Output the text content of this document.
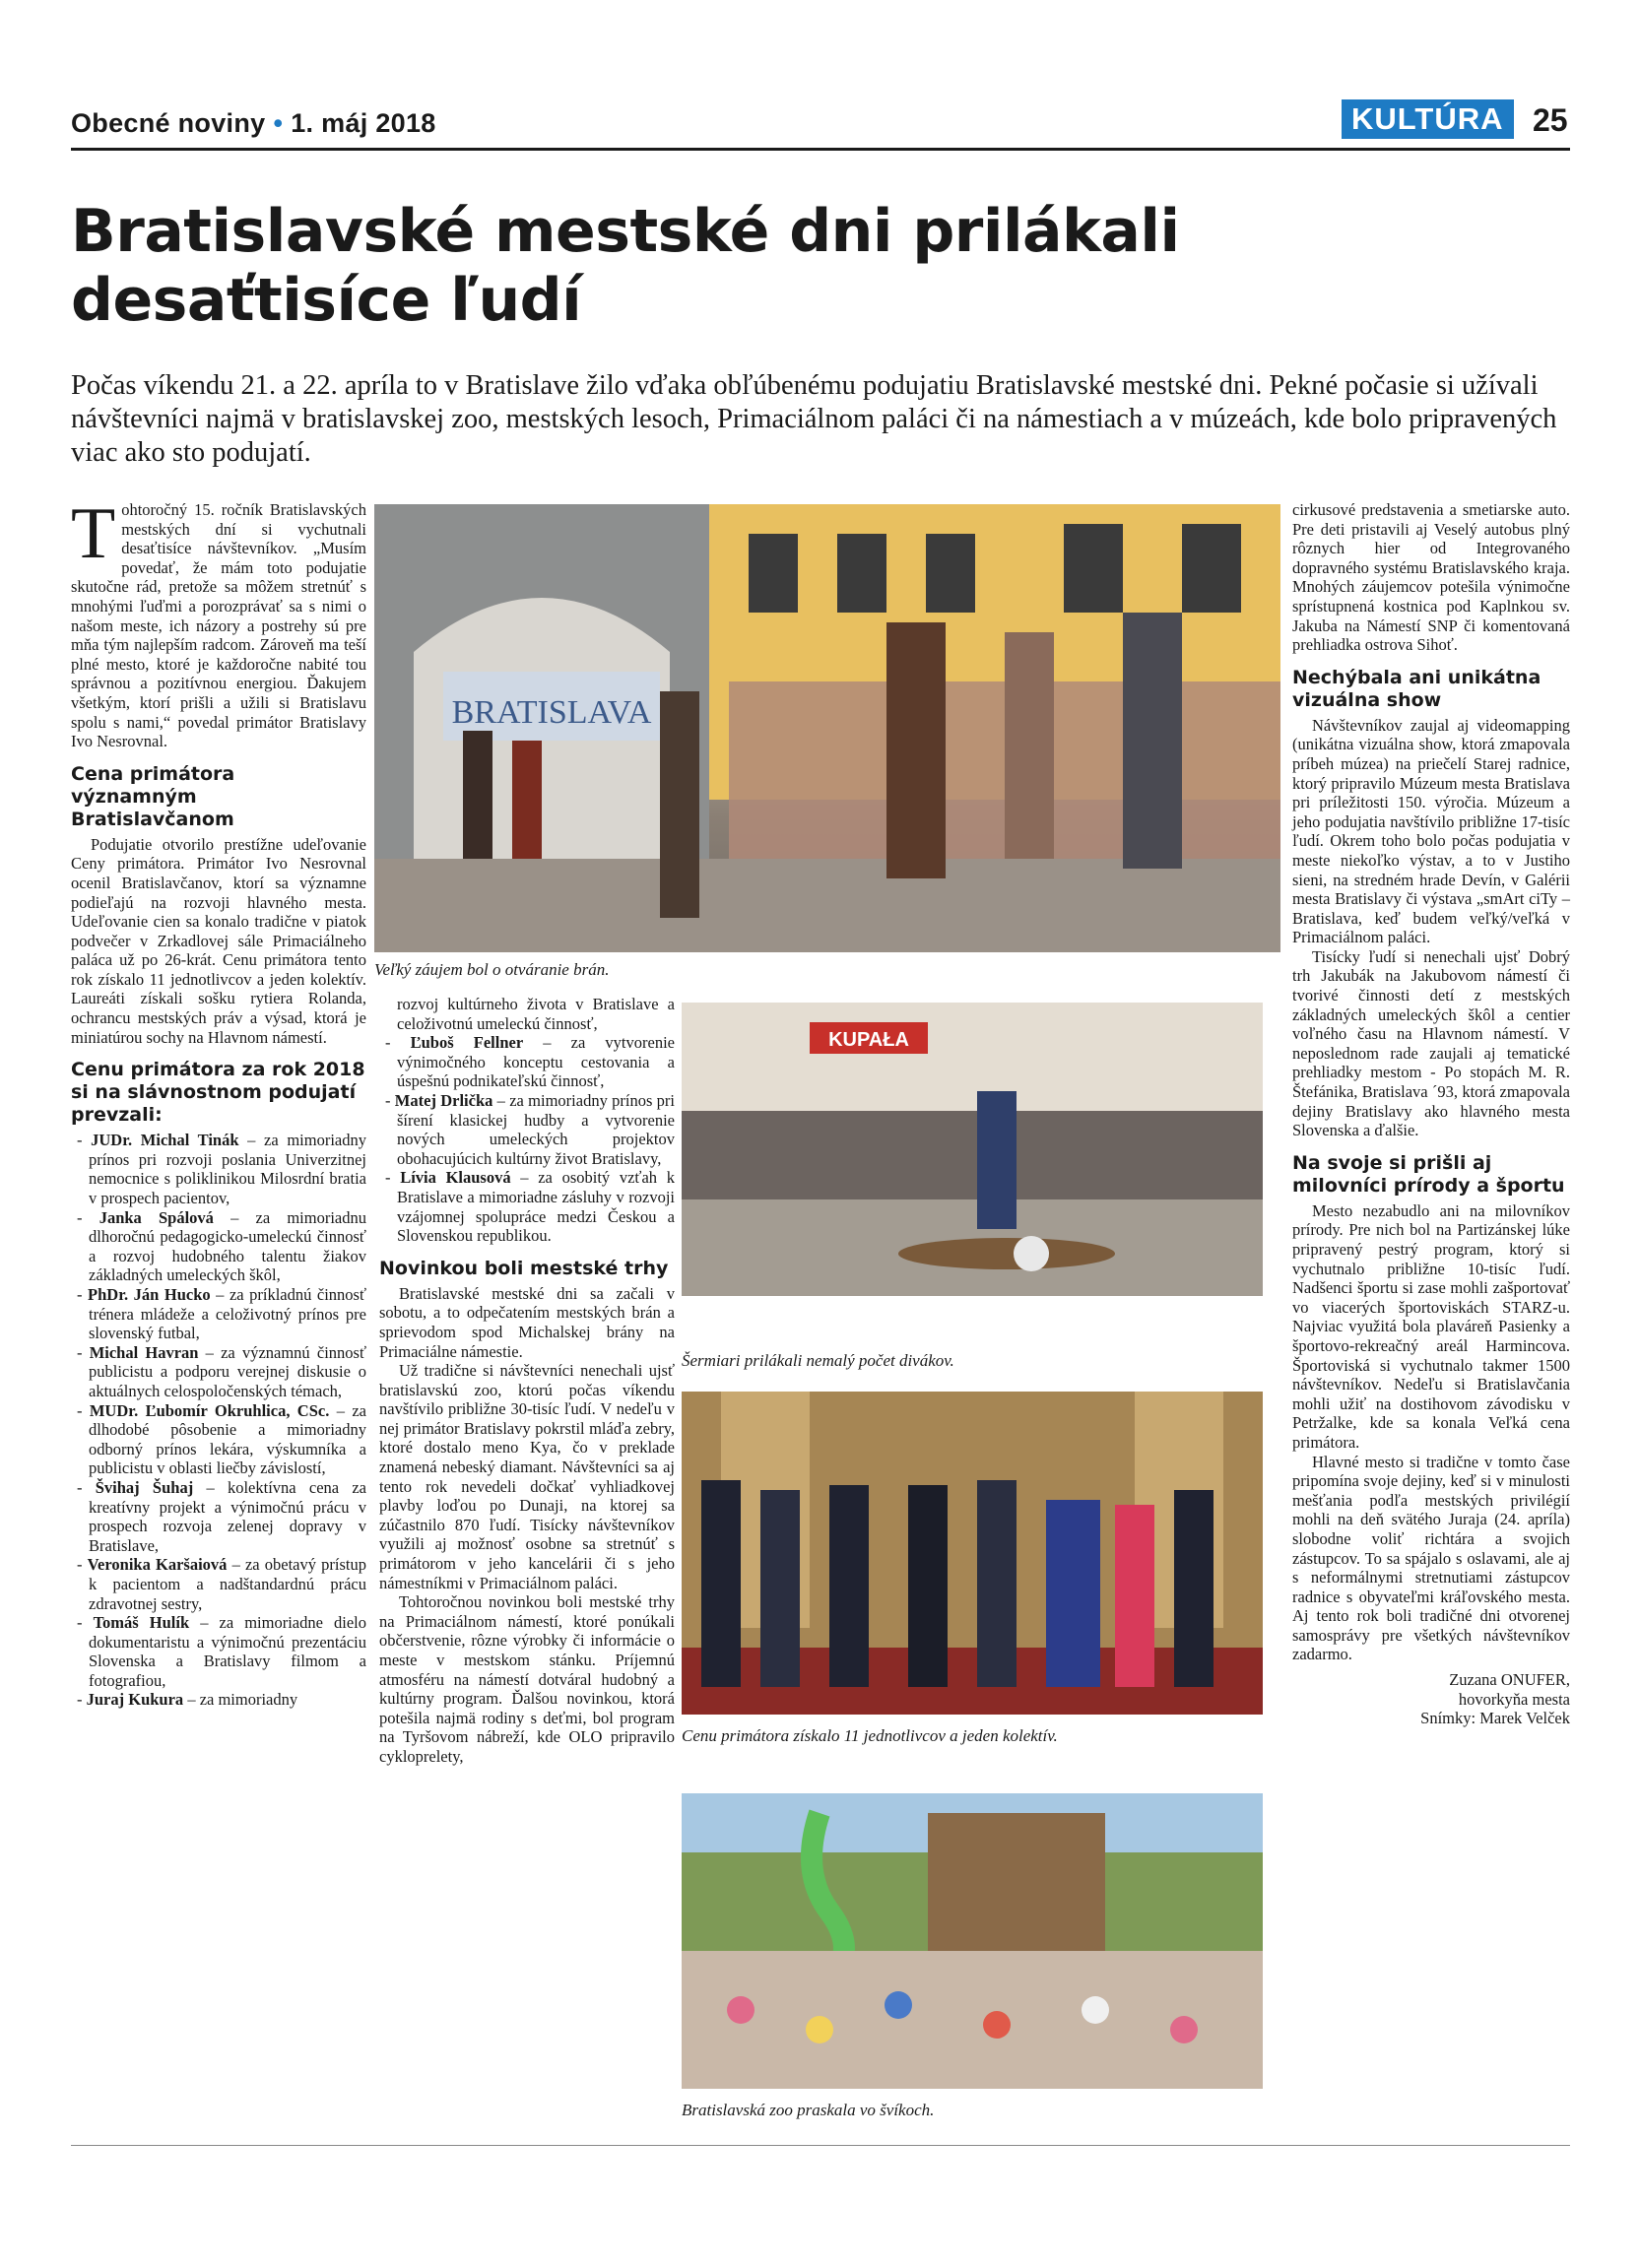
Obecné noviny • 1. máj 2018	KULTÚRA 25
Bratislavské mestské dni prilákali
desaťtisíce ľudí

Počas víkendu 21. a 22. apríla to v Bratislave žilo vďaka obľúbenému podujatiu Bratislavské mestské dni. Pekné počasie si užívali návštevníci najmä v bratislavskej zoo, mestských lesoch, Primaciálnom paláci či na námestiach a v múzeách, kde bolo pripravených viac ako sto podujatí.

Tohtoročný 15. ročník Bratislavských mestských dní si vychutnali desaťtisíce návštevníkov. „Musím povedať, že mám toto podujatie skutočne rád, pretože sa môžem stretnúť s mnohými ľuďmi a porozprávať sa s nimi o našom meste, ich názory a postrehy sú pre mňa tým najlepším radcom. Zároveň ma teší plné mesto, ktoré je každoročne nabité tou správnou a pozitívnou energiou. Ďakujem všetkým, ktorí prišli a užili si Bratislavu spolu s nami,“ povedal primátor Bratislavy Ivo Nesrovnal.

Cena primátora významným Bratislavčanom

Podujatie otvorilo prestížne udeľovanie Ceny primátora. Primátor Ivo Nesrovnal ocenil Bratislavčanov, ktorí sa významne podieľajú na rozvoji hlavného mesta. Udeľovanie cien sa konalo tradične v piatok podvečer v Zrkadlovej sále Primaciálneho paláca už po 26-krát. Cenu primátora tento rok získalo 11 jednotlivcov a jeden kolektív. Laureáti získali sošku rytiera Rolanda, ochrancu mestských práv a výsad, ktorá je miniatúrou sochy na Hlavnom námestí.

Cenu primátora za rok 2018 si na slávnostnom podujatí prevzali:
- JUDr. Michal Tinák – za mimoriadny prínos pri rozvoji poslania Univerzitnej nemocnice s poliklinikou Milosrdní bratia v prospech pacientov,
- Janka Spálová – za mimoriadnu dlhoročnú pedagogicko-umeleckú činnosť a rozvoj hudobného talentu žiakov základných umeleckých škôl,
- PhDr. Ján Hucko – za príkladnú činnosť trénera mládeže a celoživotný prínos pre slovenský futbal,
- Michal Havran – za významnú činnosť publicistu a podporu verejnej diskusie o aktuálnych celospoločenských témach,
- MUDr. Ľubomír Okruhlica, CSc. – za dlhodobé pôsobenie a mimoriadny odborný prínos lekára, výskumníka a publicistu v oblasti liečby závislostí,
- Švihaj Šuhaj – kolektívna cena za kreatívny projekt a výnimočnú prácu v prospech rozvoja zelenej dopravy v Bratislave,
- Veronika Karšaiová – za obetavý prístup k pacientom a nadštandardnú prácu zdravotnej sestry,
- Tomáš Hulík – za mimoriadne dielo dokumentaristu a výnimočnú prezentáciu Slovenska a Bratislavy filmom a fotografiou,
- Juraj Kukura – za mimoriadny
BRATISLAVA
Veľký záujem bol o otváranie brán.

rozvoj kultúrneho života v Bratislave a celoživotnú umeleckú činnosť,

- Ľuboš Fellner – za vytvorenie výnimočného konceptu cestovania a úspešnú podnikateľskú činnosť,
- Matej Drlička – za mimoriadny prínos pri šírení klasickej hudby a vytvorenie nových umeleckých projektov obohacujúcich kultúrny život Bratislavy,
- Lívia Klausová – za osobitý vzťah k Bratislave a mimoriadne zásluhy v rozvoji vzájomnej spolupráce medzi Českou a Slovenskou republikou.
Novinkou boli mestské trhy

Bratislavské mestské dni sa začali v sobotu, a to odpečatením mestských brán a sprievodom spod Michalskej brány na Primaciálne námestie.

Už tradične si návštevníci nenechali ujsť bratislavskú zoo, ktorú počas víkendu navštívilo približne 30-tisíc ľudí. V nedeľu v nej primátor Bratislavy pokrstil mláďa zebry, ktoré dostalo meno Kya, čo v preklade znamená nebeský diamant. Návštevníci sa aj tento rok nevedeli dočkať vyhliadkovej plavby loďou po Dunaji, na ktorej sa zúčastnilo 870 ľudí. Tisícky návštevníkov využili aj možnosť osobne sa stretnúť s primátorom v jeho kancelárii či s jeho námestníkmi v Primaciálnom paláci.

Tohtoročnou novinkou boli mestské trhy na Primaciálnom námestí, ktoré ponúkali občerstvenie, rôzne výrobky či informácie o meste v mestskom stánku. Príjemnú atmosféru na námestí dotváral hudobný a kultúrny program. Ďalšou novinkou, ktorá potešila najmä rodiny s deťmi, bol program na Tyršovom nábreží, kde OLO pripravilo cykloprelety,

KUPAŁA
Šermiari prilákali nemalý počet divákov.
Cenu primátora získalo 11 jednotlivcov a jeden kolektív.
Bratislavská zoo praskala vo švíkoch.

cirkusové predstavenia a smetiarske auto. Pre deti pristavili aj Veselý autobus plný rôznych hier od Integrovaného dopravného systému Bratislavského kraja. Mnohých záujemcov potešila výnimočne sprístupnená kostnica pod Kaplnkou sv. Jakuba na Námestí SNP či komentovaná prehliadka ostrova Sihoť.

Nechýbala ani unikátna vizuálna show

Návštevníkov zaujal aj videomapping (unikátna vizuálna show, ktorá zmapovala príbeh múzea) na priečelí Starej radnice, ktorý pripravilo Múzeum mesta Bratislava pri príležitosti 150. výročia. Múzeum a jeho podujatia navštívilo približne 17-tisíc ľudí. Okrem toho bolo počas podujatia v meste niekoľko výstav, a to v Justiho sieni, na stredném hrade Devín, v Galérii mesta Bratislavy či výstava „smArt ciTy – Bratislava, keď budem veľký/veľká v Primaciálnom paláci.

Tisícky ľudí si nenechali ujsť Dobrý trh Jakubák na Jakubovom námestí či tvorivé činnosti detí z mestských základných umeleckých škôl a centier voľného času na Hlavnom námestí. V neposlednom rade zaujali aj tematické prehliadky mestom - Po stopách M. R. Štefánika, Bratislava ´93, ktorá zmapovala dejiny Bratislavy ako hlavného mesta Slovenska a ďalšie.

Na svoje si prišli aj milovníci prírody a športu

Mesto nezabudlo ani na milovníkov prírody. Pre nich bol na Partizánskej lúke pripravený pestrý program, ktorý si vychutnalo približne 10-tisíc ľudí. Nadšenci športu si zase mohli zašportovať vo viacerých športoviskách STARZ-u. Najviac využitá bola plaváreň Pasienky a športovo-rekreačný areál Harmincova. Športoviská si vychutnalo takmer 1500 návštevníkov. Nedeľu si Bratislavčania mohli užiť na dostihovom závodisku v Petržalke, kde sa konala Veľká cena primátora.

Hlavné mesto si tradične v tomto čase pripomína svoje dejiny, keď si v minulosti mešťania podľa mestských privilégií mohli na deň svätého Juraja (24. apríla) slobodne voliť richtára a svojich zástupcov. To sa spájalo s oslavami, ale aj s neformálnymi stretnutiami zástupcov radnice s obyvateľmi kráľovského mesta. Aj tento rok boli tradičné dni otvorenej samosprávy pre všetkých návštevníkov zadarmo.

Zuzana ONUFER,
hovorkyňa mesta
Snímky: Marek Velček
